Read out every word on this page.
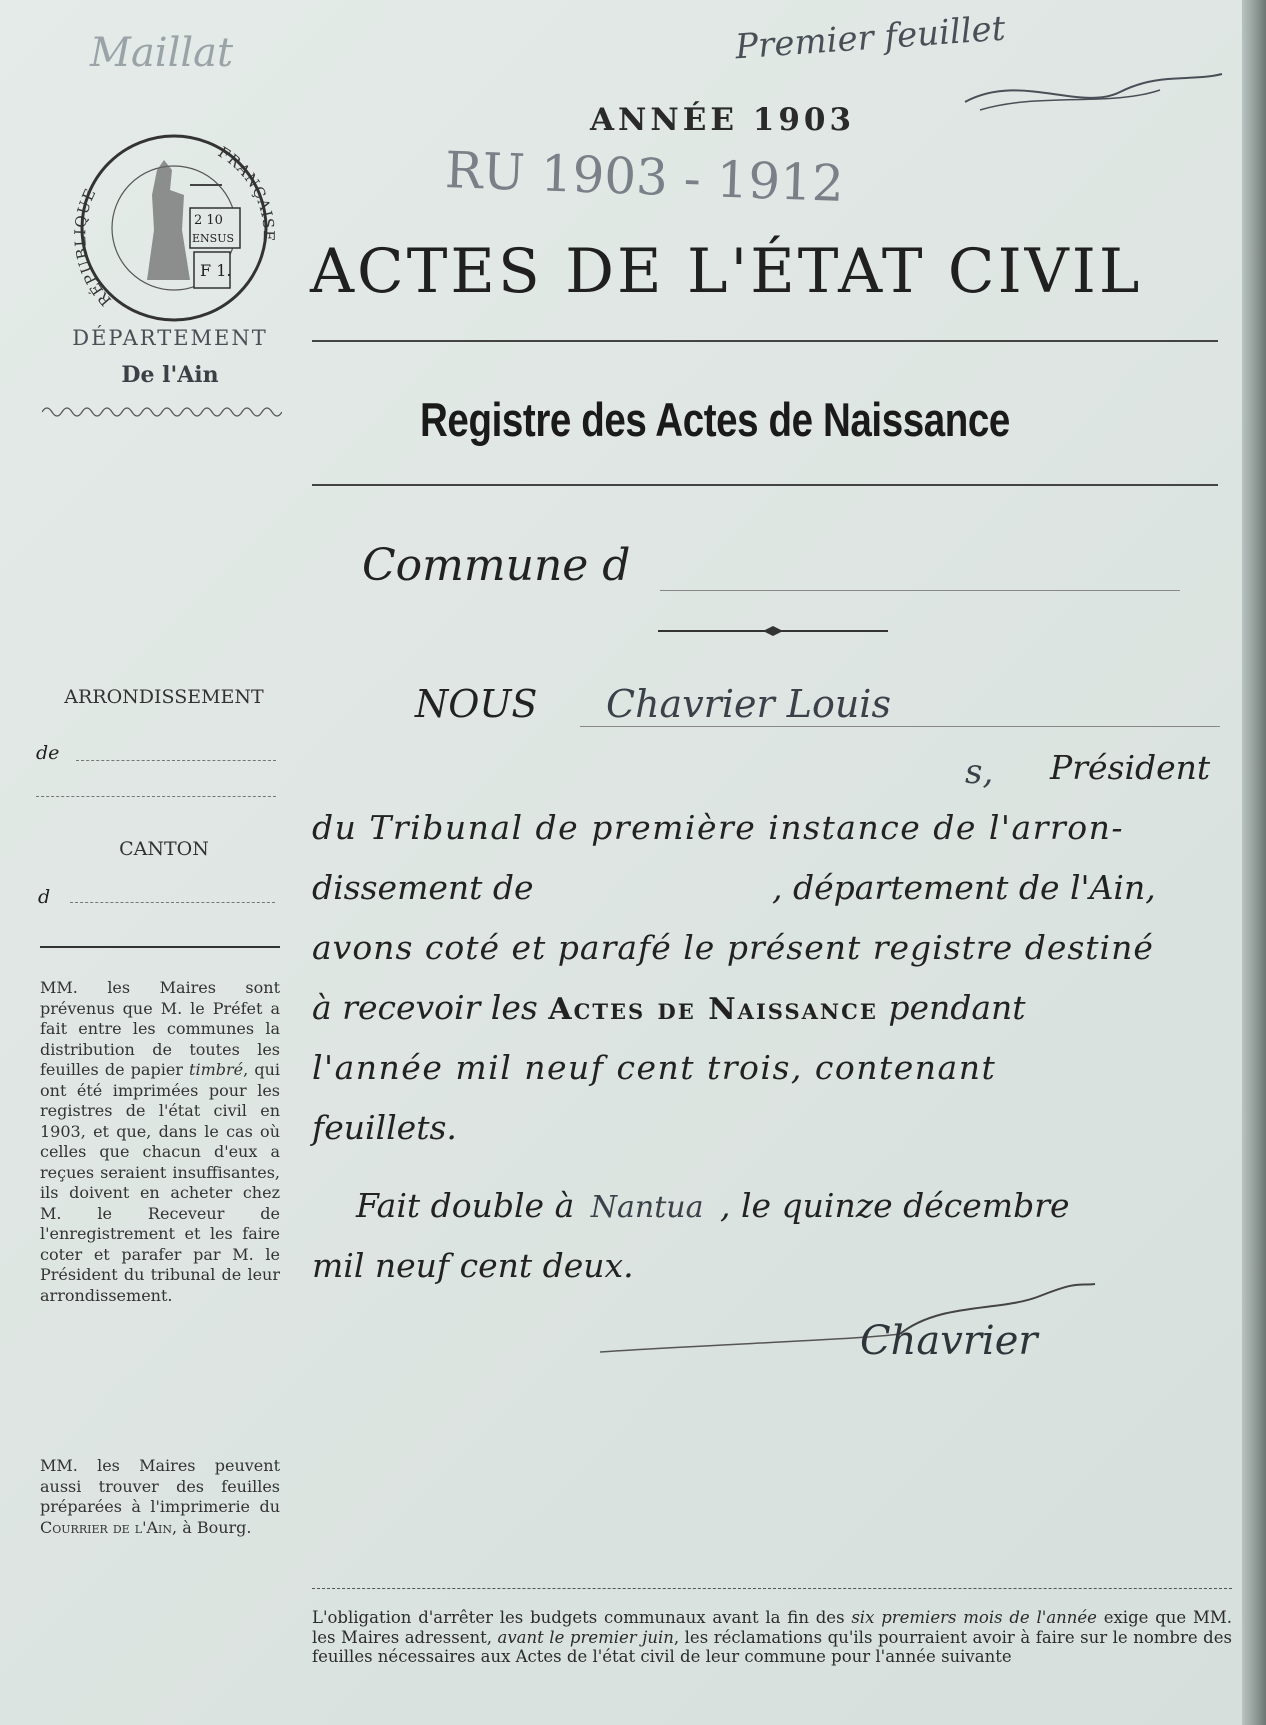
Maillat	Premier feuillet
RU 1903 - 1912
RÉPUBLIQUE
FRANÇAISE
2 10
ENSUS
F 1.
DÉPARTEMENT
De l'Ain
ARRONDISSEMENT
de
CANTON
d
MM. les Maires sont prévenus que M. le Préfet a fait entre les communes la distribution de toutes les feuilles de papier timbré, qui ont été imprimées pour les registres de l'état civil en 1903, et que, dans le cas où celles que chacun d'eux a reçues seraient insuffisantes, ils doivent en acheter chez M. le Receveur de l'enregistrement et les faire coter et parafer par M. le Président du tribunal de leur arrondissement.
MM. les Maires peuvent aussi trouver des feuilles préparées à l'imprimerie du Courrier de l'Ain, à Bourg.
ANNÉE 1903
ACTES DE L'ÉTAT CIVIL
Registre des Actes de Naissance
Commune d
NOUS Chavrier Louis
s, Président
du Tribunal de première instance de l'arron-
dissement de	, département de l'Ain,
avons coté et parafé le présent registre destiné
à recevoir les Actes de Naissance pendant
l'année mil neuf cent trois, contenant
feuillets.
Fait double à Nantua , le quinze décembre
mil neuf cent deux.
Chavrier
L'obligation d'arrêter les budgets communaux avant la fin des six premiers mois de l'année exige que MM. les Maires adressent, avant le premier juin, les réclamations qu'ils pourraient avoir à faire sur le nombre des feuilles nécessaires aux Actes de l'état civil de leur commune pour l'année suivante
